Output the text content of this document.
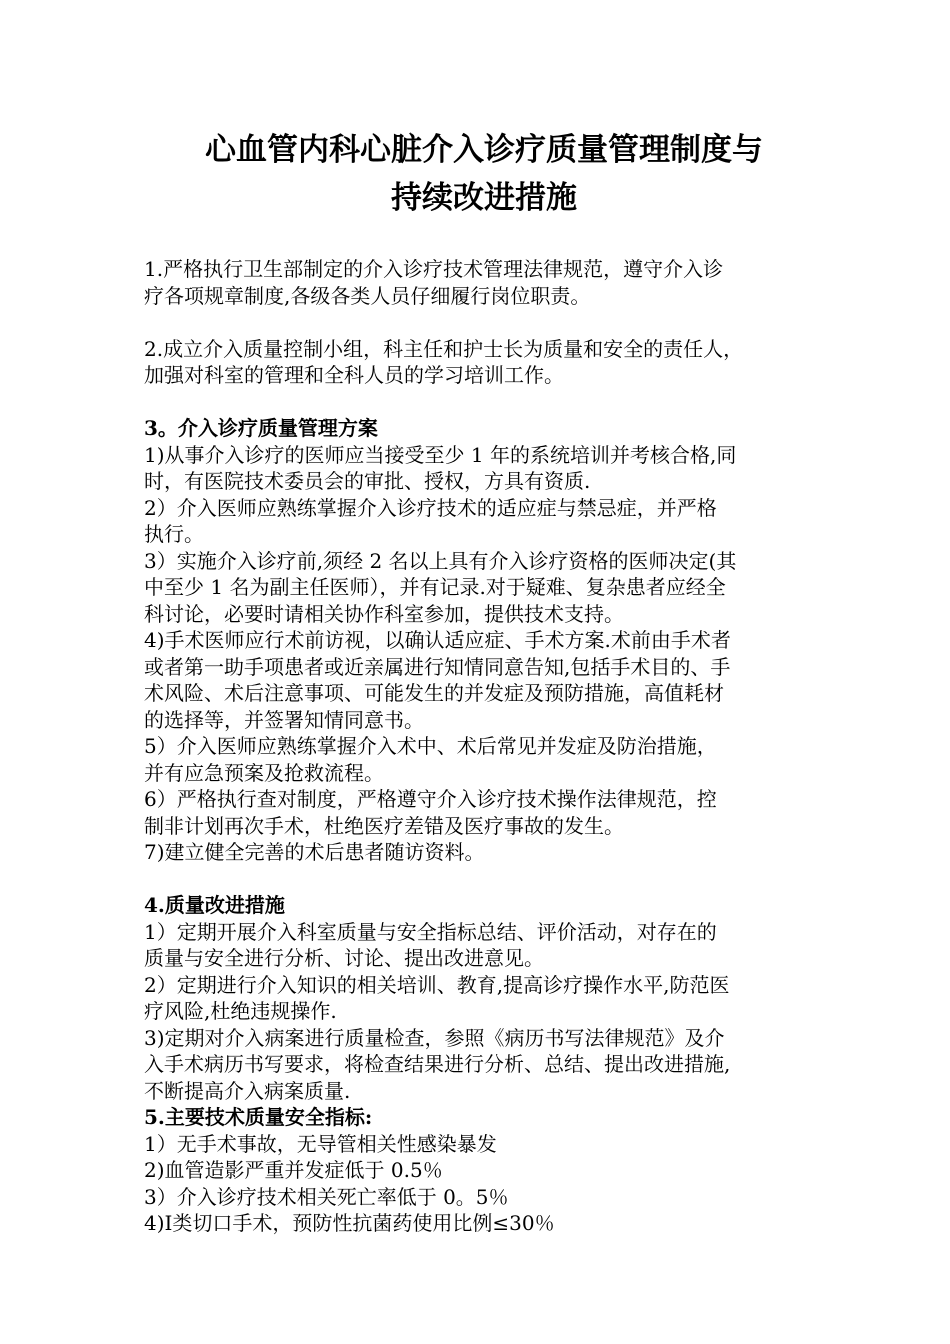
心血管内科心脏介入诊疗质量管理制度与
持续改进措施

1.严格执行卫生部制定的介入诊疗技术管理法律规范，遵守介入诊

疗各项规章制度,各级各类人员仔细履行岗位职责。

2.成立介入质量控制小组，科主任和护士长为质量和安全的责任人，

加强对科室的管理和全科人员的学习培训工作。

3。介入诊疗质量管理方案

1)从事介入诊疗的医师应当接受至少 1 年的系统培训并考核合格,同

时，有医院技术委员会的审批、授权，方具有资质.

2）介入医师应熟练掌握介入诊疗技术的适应症与禁忌症，并严格

执行。

3）实施介入诊疗前,须经 2 名以上具有介入诊疗资格的医师决定(其

中至少 1 名为副主任医师），并有记录.对于疑难、复杂患者应经全

科讨论，必要时请相关协作科室参加，提供技术支持。

4)手术医师应行术前访视，以确认适应症、手术方案.术前由手术者

或者第一助手项患者或近亲属进行知情同意告知,包括手术目的、手

术风险、术后注意事项、可能发生的并发症及预防措施，高值耗材

的选择等，并签署知情同意书。

5）介入医师应熟练掌握介入术中、术后常见并发症及防治措施，

并有应急预案及抢救流程。

6）严格执行查对制度，严格遵守介入诊疗技术操作法律规范，控

制非计划再次手术，杜绝医疗差错及医疗事故的发生。

7)建立健全完善的术后患者随访资料。

4.质量改进措施

1）定期开展介入科室质量与安全指标总结、评价活动，对存在的

质量与安全进行分析、讨论、提出改进意见。

2）定期进行介入知识的相关培训、教育,提高诊疗操作水平,防范医

疗风险,杜绝违规操作.

3)定期对介入病案进行质量检查，参照《病历书写法律规范》及介

入手术病历书写要求，将检查结果进行分析、总结、提出改进措施,

不断提高介入病案质量.

5.主要技术质量安全指标:

1）无手术事故，无导管相关性感染暴发

2)血管造影严重并发症低于 0.5％

3）介入诊疗技术相关死亡率低于 0。5％

4)Ⅰ类切口手术，预防性抗菌药使用比例≤30％
